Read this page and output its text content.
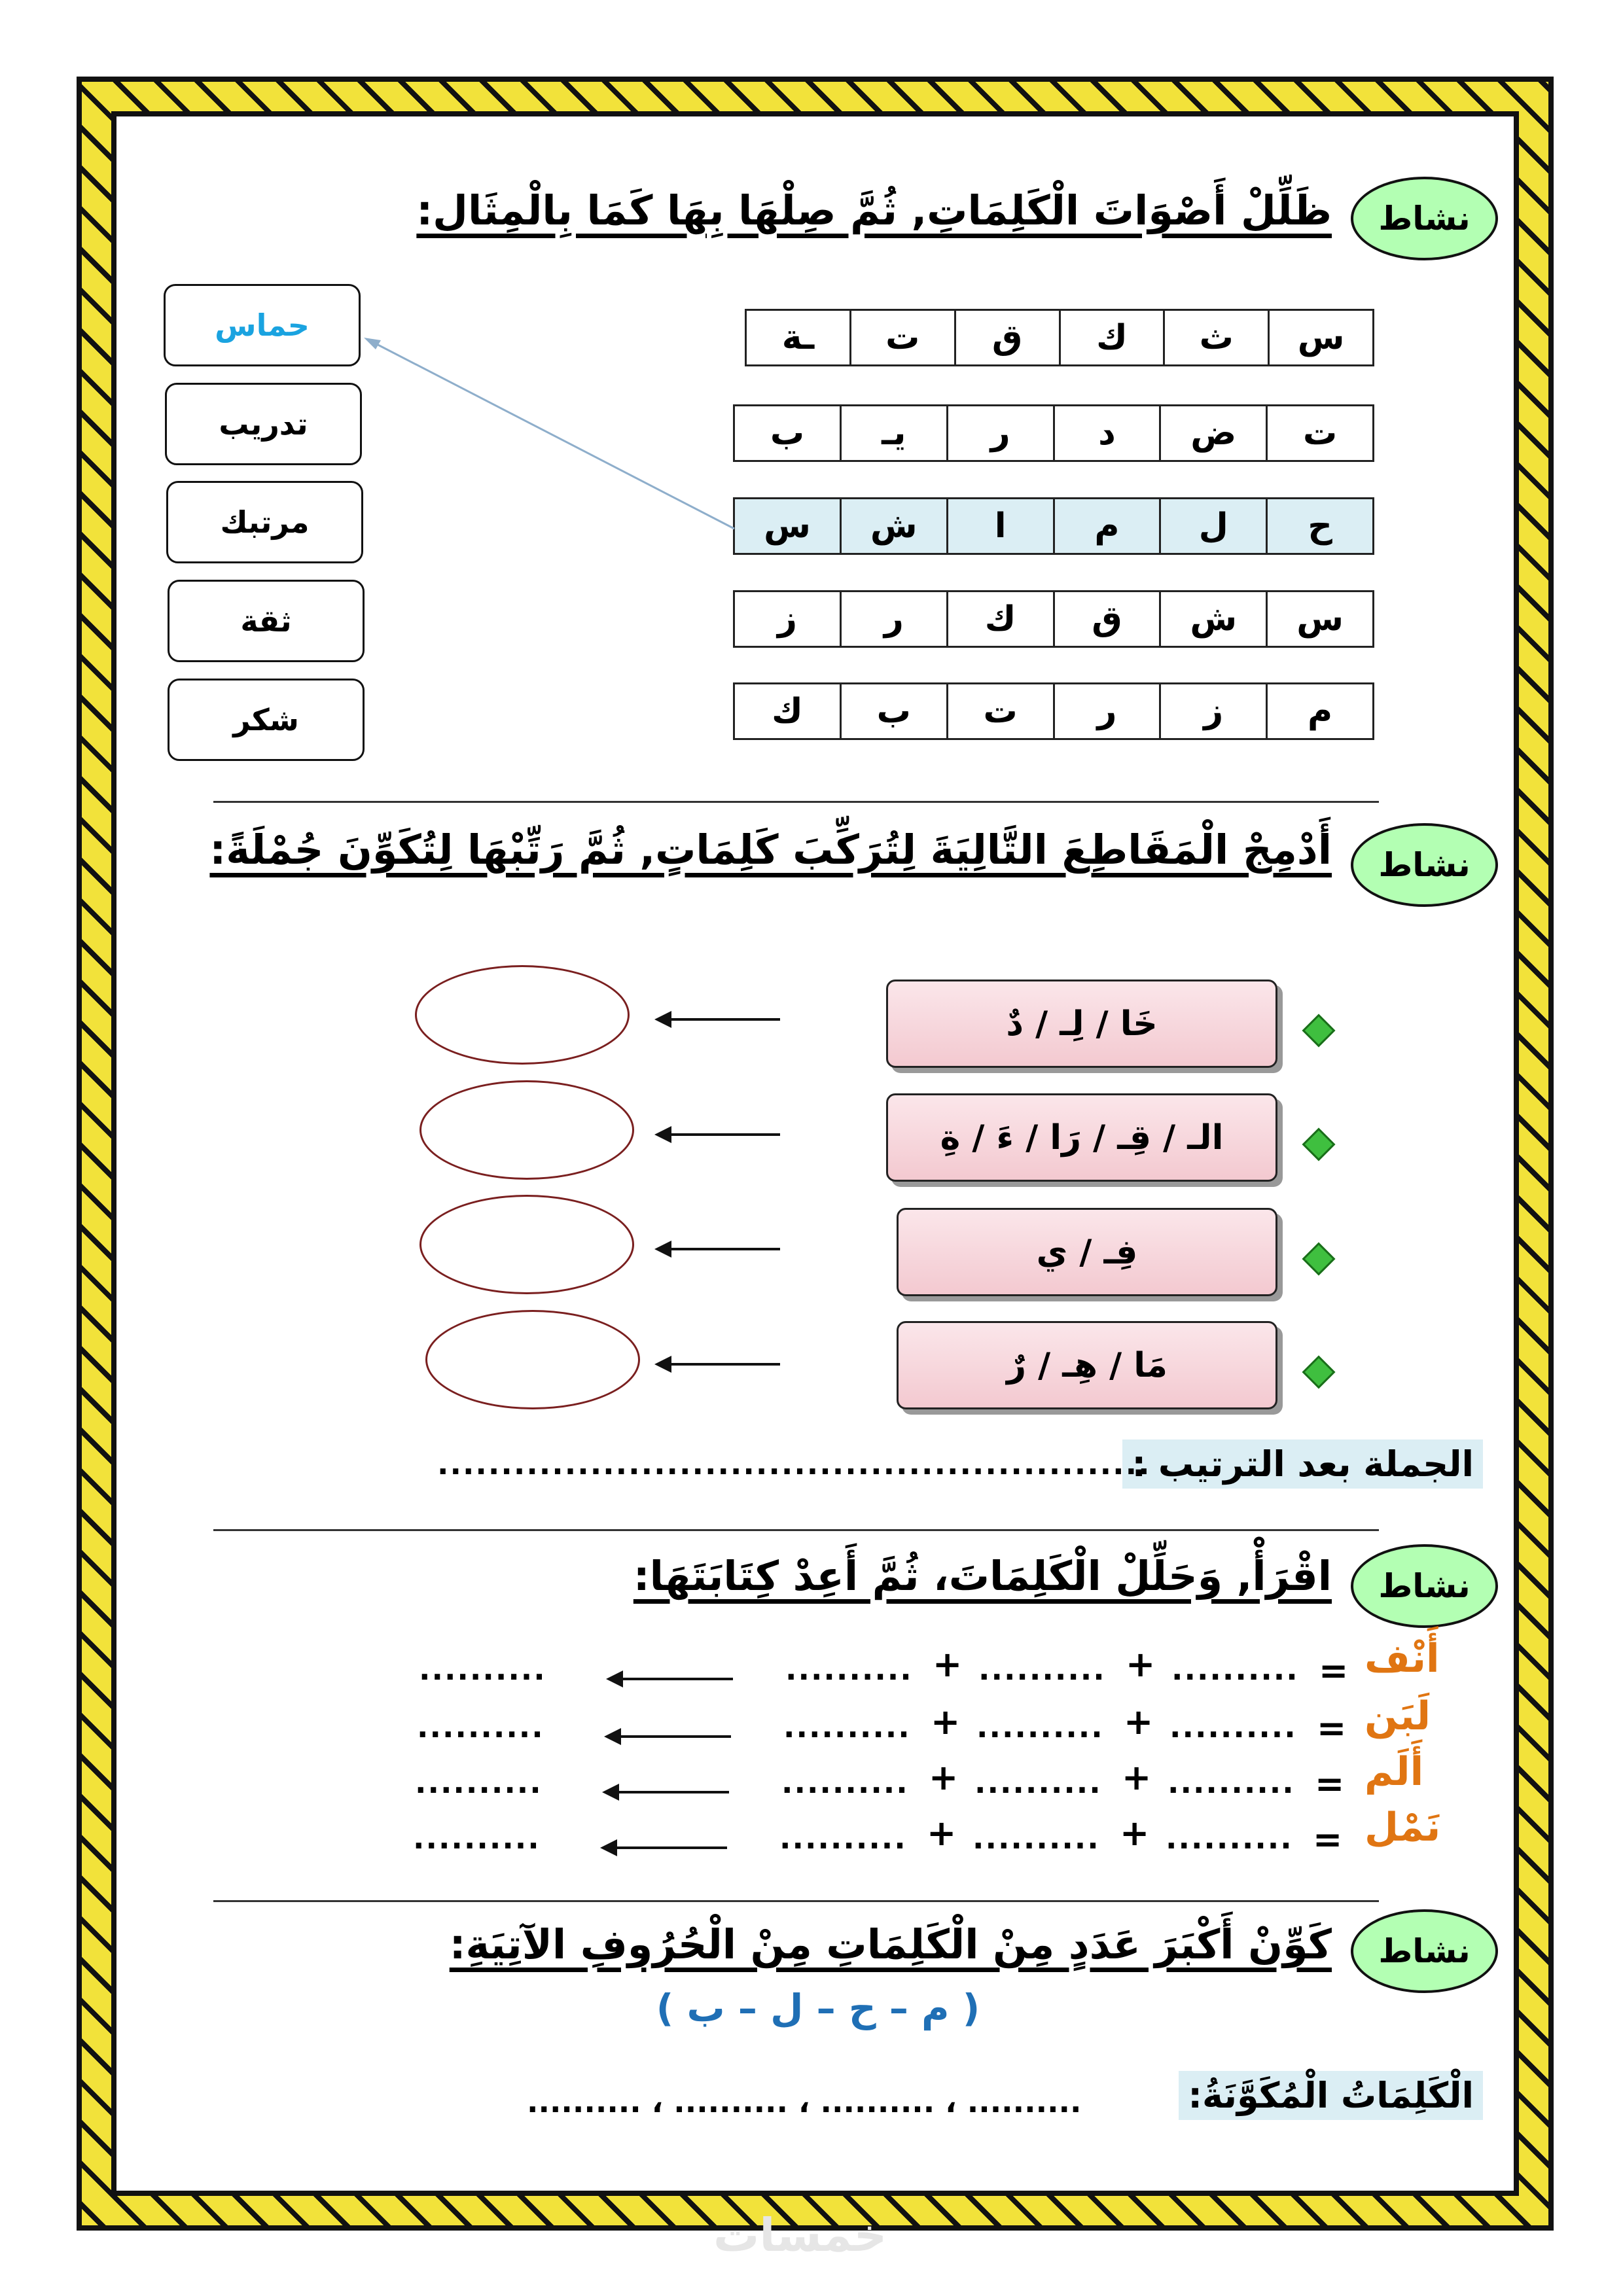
نشاط
ظَلِّلْ أَصْوَاتَ الْكَلِمَاتِ, ثُمَّ صِلْهَا بِهَا كَمَا بِالْمِثَال:
س
ث
ك
ق
ت
ـة
ت
ض
د
ر
يـ
ب
ح
ل
م
ا
ش
س
س
ش
ق
ك
ر
ز
م
ز
ر
ت
ب
ك
حماس
تدريب
مرتبك
ثقة
شكر
نشاط
أَدْمِجْ الْمَقَاطِعَ التَّالِيَةَ لِتُرَكِّبَ كَلِمَاتٍ, ثُمَّ رَتِّبْهَا لِتُكَوِّنَ جُمْلَةً:
خَا / لِـ / دٌ
الـ / قِـ / رَا / ءَ / ةِ
فِـ / ي
مَا / هِـ / رٌ
الجملة بعد الترتيب :
........................................................
نشاط
اقْرَأْ, وَحَلِّلْ الْكَلِمَاتَ، ثُمَّ أَعِدْ كِتَابَتَهَا:
أَنْف
=
..........
+
..........
+
..........
..........
لَبَن
=
..........
+
..........
+
..........
..........
أَلَم
=
..........
+
..........
+
..........
..........
نَمْل
=
..........
+
..........
+
..........
..........
نشاط
كَوِّنْ أَكْبَرَ عَدَدٍ مِنْ الْكَلِمَاتِ مِنْ الْحُرُوفِ الآتِيَةِ:
( م – ح – ل – ب )
الْكَلِمَاتُ الْمُكَوَّنَةُ:
.......... ، .......... ، .......... ، ..........
خمسات
